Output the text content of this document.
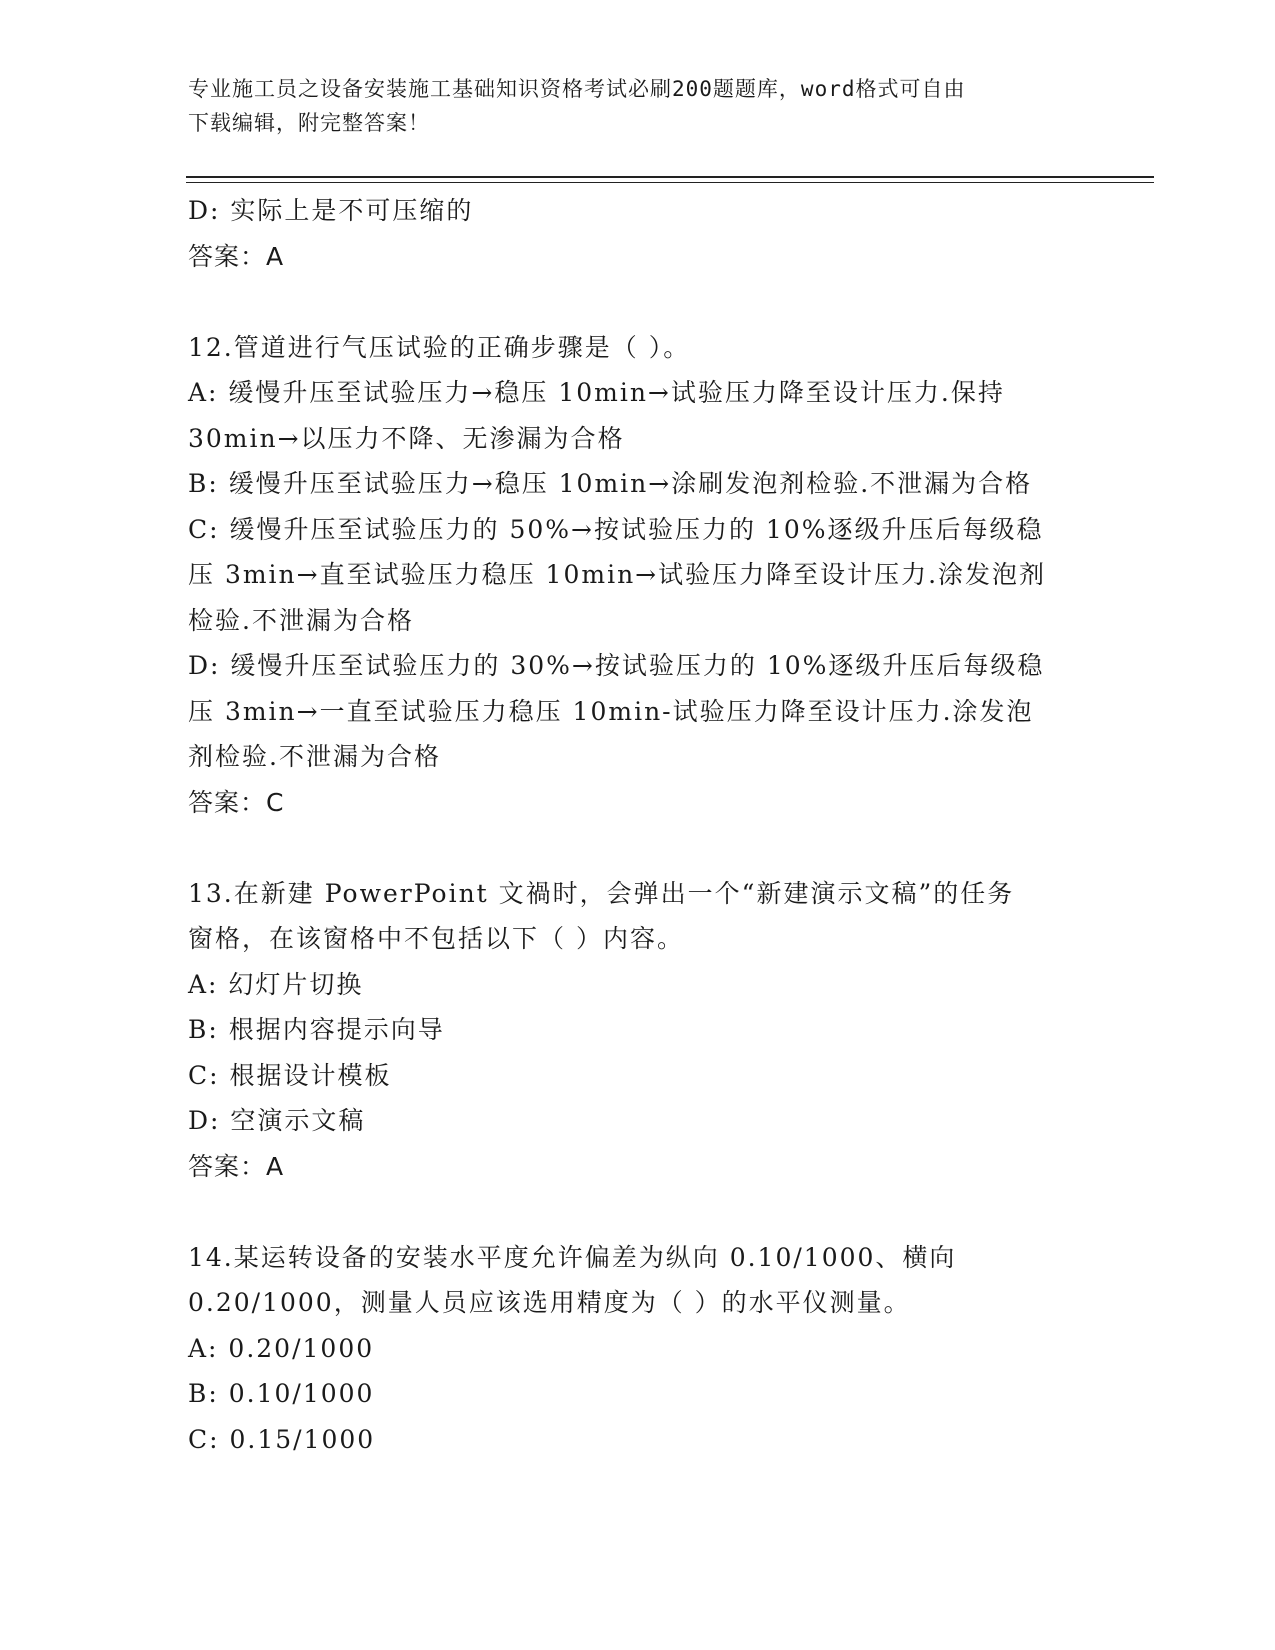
专业施工员之设备安装施工基础知识资格考试必刷200题题库，word格式可自由
下载编辑，附完整答案！
D: 实际上是不可压缩的
答案：A
12.管道进行气压试验的正确步骤是（ ）。
A: 缓慢升压至试验压力→稳压 10min→试验压力降至设计压力.保持
30min→以压力不降、无渗漏为合格
B: 缓慢升压至试验压力→稳压 10min→涂刷发泡剂检验.不泄漏为合格
C: 缓慢升压至试验压力的 50%→按试验压力的 10%逐级升压后每级稳
压 3min→直至试验压力稳压 10min→试验压力降至设计压力.涂发泡剂
检验.不泄漏为合格
D: 缓慢升压至试验压力的 30%→按试验压力的 10%逐级升压后每级稳
压 3min→一直至试验压力稳压 10min-试验压力降至设计压力.涂发泡
剂检验.不泄漏为合格
答案：C
13.在新建 PowerPoint 文禍时，会弹出一个“新建演示文稿”的任务
窗格，在该窗格中不包括以下（ ）内容。
A: 幻灯片切换
B: 根据内容提示向导
C: 根据设计模板
D: 空演示文稿
答案：A
14.某运转设备的安装水平度允许偏差为纵向 0.10/1000、横向
0.20/1000，测量人员应该选用精度为（ ）的水平仪测量。
A: 0.20/1000
B: 0.10/1000
C: 0.15/1000
